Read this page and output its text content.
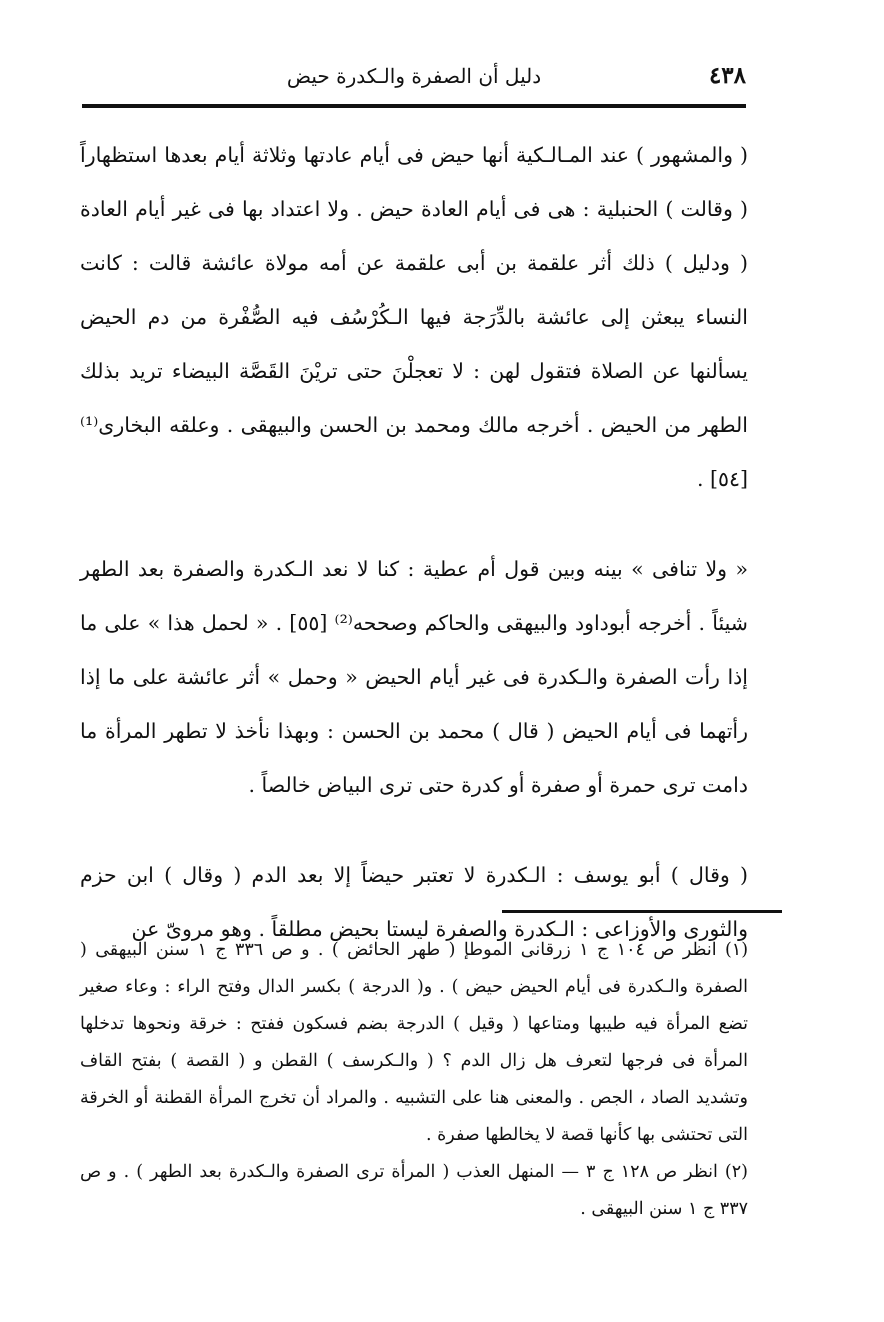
٤٣٨
دليل أن الصفرة والـكدرة حيض

( والمشهور ) عند المـالـكية أنها حيض فى أيام عادتها وثلاثة أيام بعدها استظهاراً ( وقالت ) الحنبلية : هى فى أيام العادة حيض . ولا اعتداد بها فى غير أيام العادة ( ودليل ) ذلك أثر علقمة بن أبى علقمة عن أمه مولاة عائشة قالت : كانت النساء يبعثن إلى عائشة بالدِّرَجة فيها الـكُرْسُف فيه الصُّفْرة من دم الحيض يسألنها عن الصلاة فتقول لهن : لا تعجلْنَ حتى تريْنَ القَصَّة البيضاء تريد بذلك الطهر من الحيض . أخرجه مالك ومحمد بن الحسن والبيهقى . وعلقه البخارى⁽¹⁾ [٥٤] .

« ولا تنافى » بينه وبين قول أم عطية : كنا لا نعد الـكدرة والصفرة بعد الطهر شيئاً . أخرجه أبوداود والبيهقى والحاكم وصححه⁽²⁾ [٥٥] . « لحمل هذا » على ما إذا رأت الصفرة والـكدرة فى غير أيام الحيض « وحمل » أثر عائشة على ما إذا رأتهما فى أيام الحيض ( قال ) محمد بن الحسن : وبهذا نأخذ لا تطهر المرأة ما دامت ترى حمرة أو صفرة أو كدرة حتى ترى البياض خالصاً .

( وقال ) أبو يوسف : الـكدرة لا تعتبر حيضاً إلا بعد الدم ( وقال ) ابن حزم والثورى والأوزاعى : الـكدرة والصفرة ليستا بحيض مطلقاً . وهو مروىّ عن

(١) انظر ص ١٠٤ ج ١ زرقانى الموطإ ( طهر الحائض ) . و ص ٣٣٦ ج ١ سنن البيهقى ( الصفرة والـكدرة فى أيام الحيض حيض ) . و( الدرجة ) بكسر الدال وفتح الراء : وعاء صغير تضع المرأة فيه طيبها ومتاعها ( وقيل ) الدرجة بضم فسكون ففتح : خرقة ونحوها تدخلها المرأة فى فرجها لتعرف هل زال الدم ؟ ( والـكرسف ) القطن و ( القصة ) بفتح القاف وتشديد الصاد ، الجص . والمعنى هنا على التشبيه . والمراد أن تخرج المرأة القطنة أو الخرقة التى تحتشى بها كأنها قصة لا يخالطها صفرة .

(٢) انظر ص ١٢٨ ج ٣ — المنهل العذب ( المرأة ترى الصفرة والـكدرة بعد الطهر ) . و ص ٣٣٧ ج ١ سنن البيهقى .
